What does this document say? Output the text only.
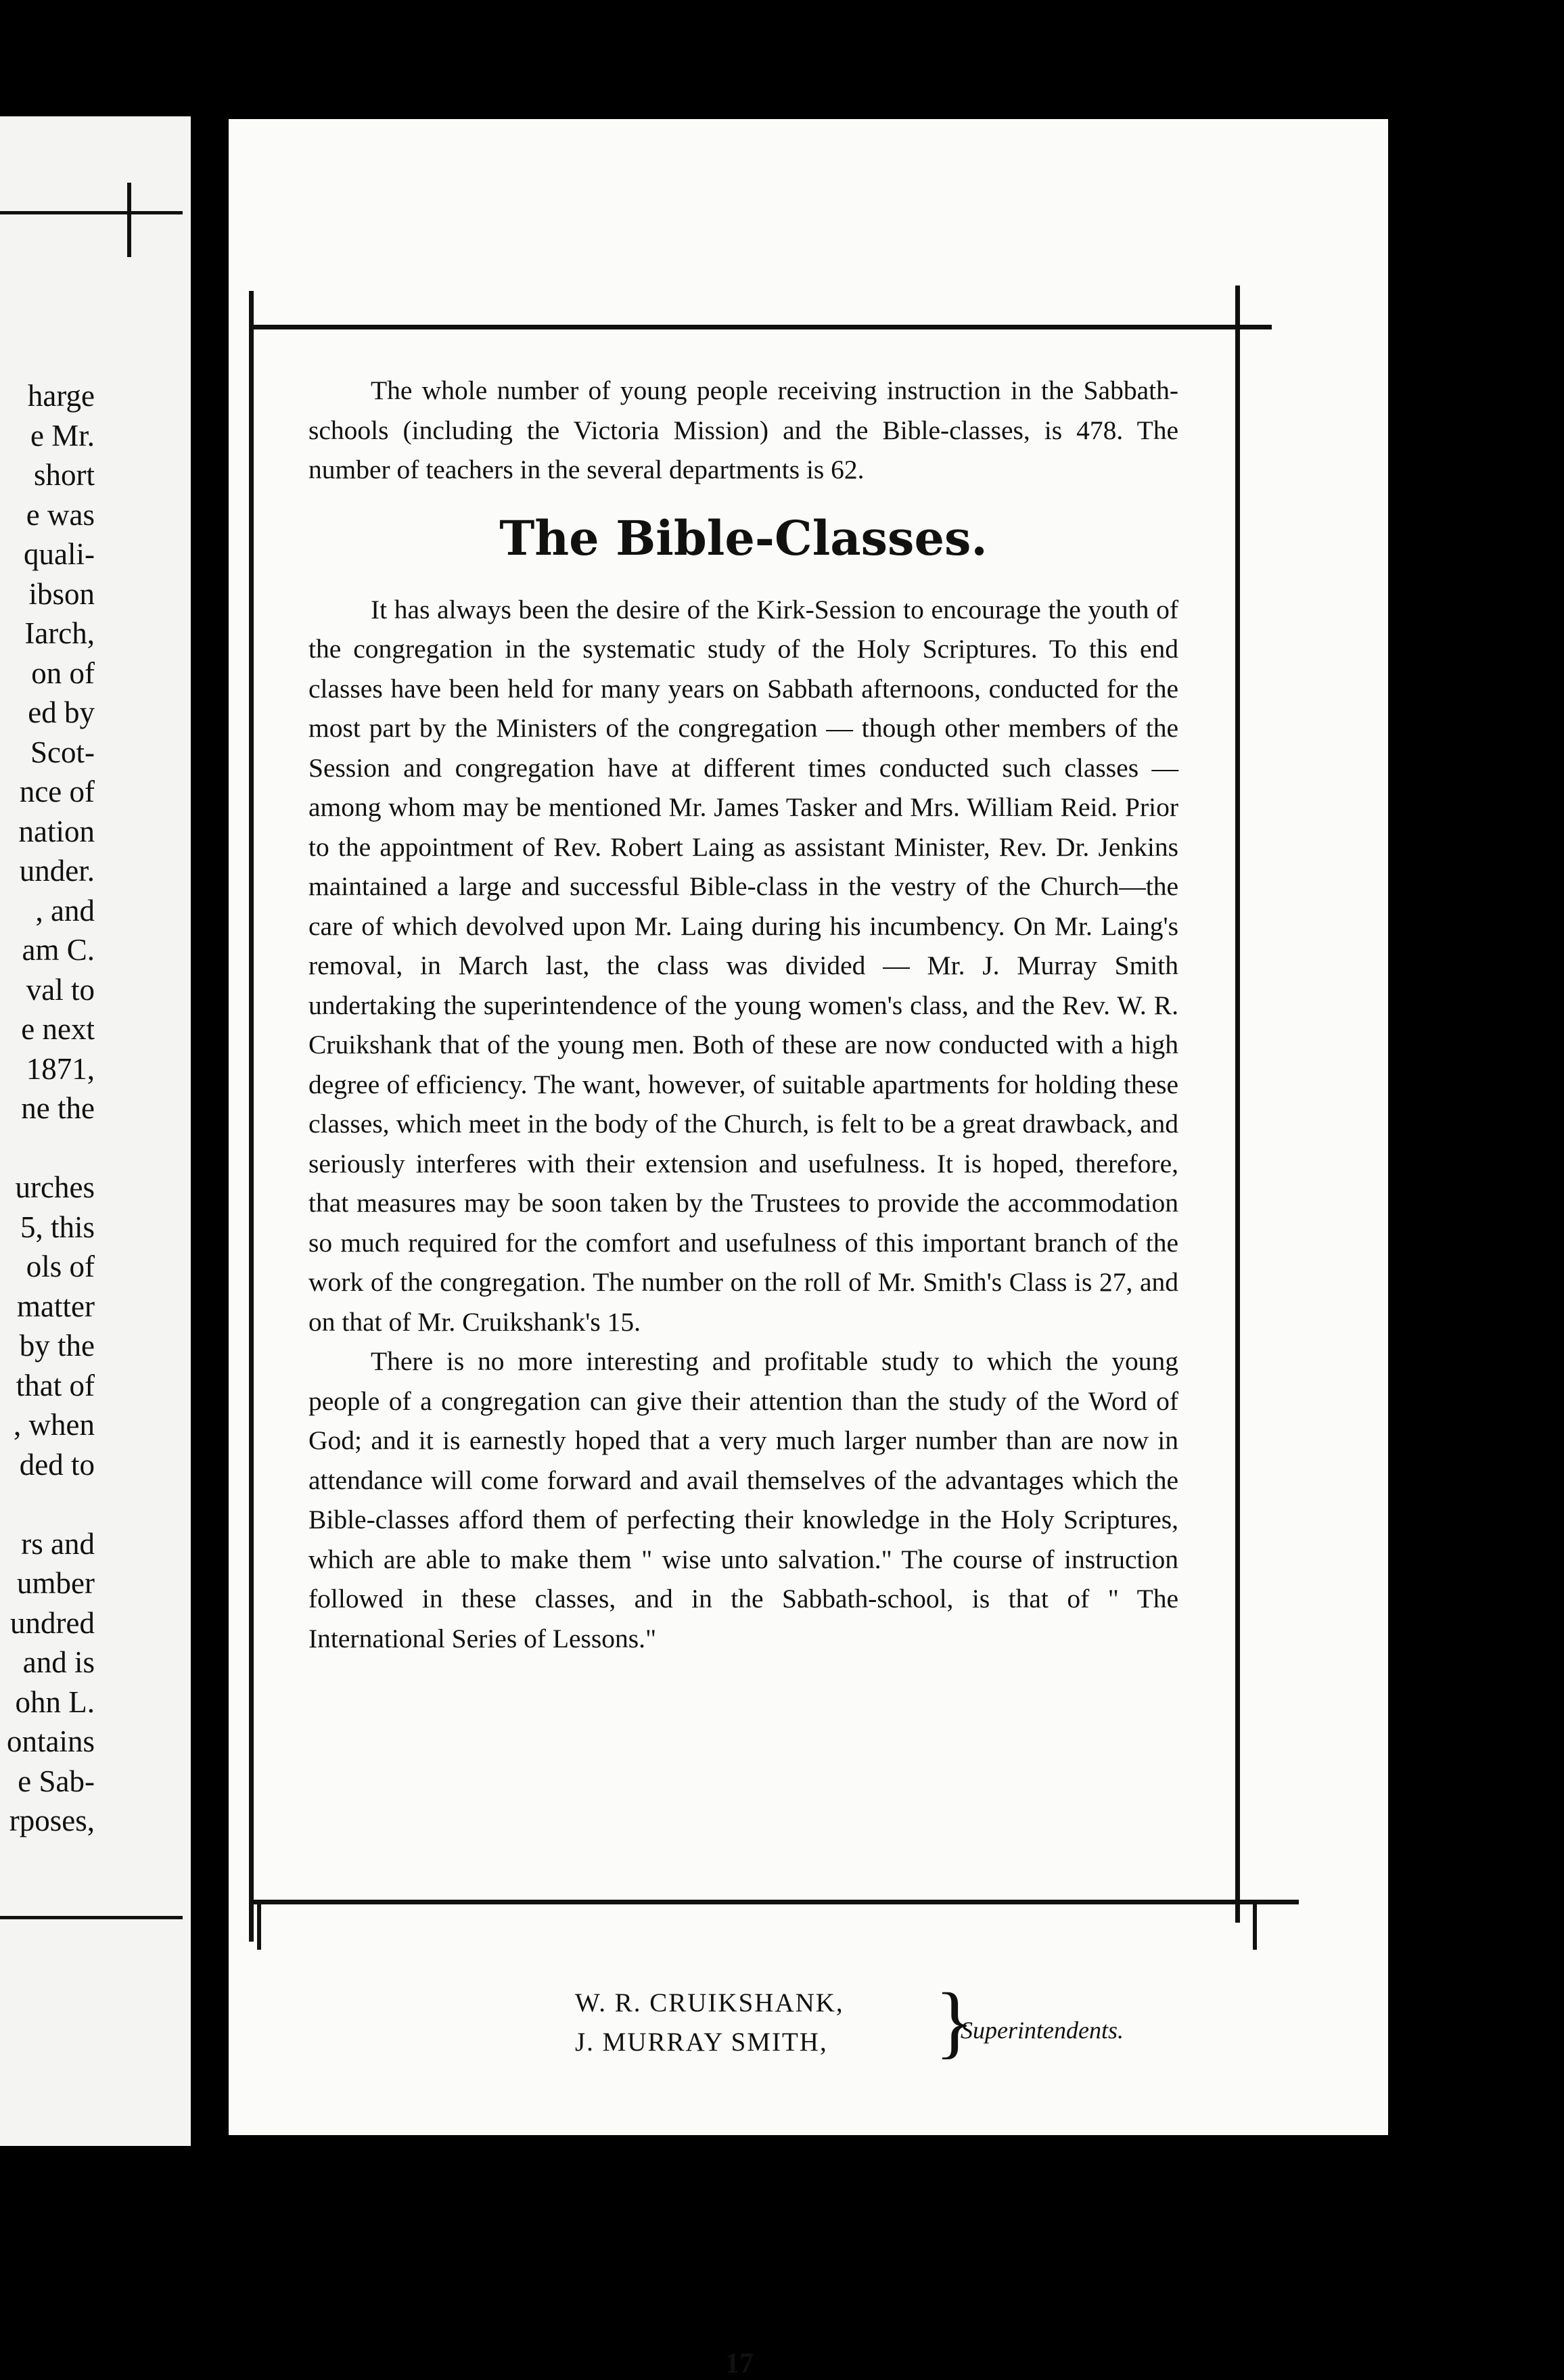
harge
e Mr.
short
e was
quali-
ibson
Iarch,
on of
ed by
Scot-
nce of
nation
under.
, and
am C.
val to
e next
1871,
ne the
urches
5, this
ols of
matter
by the
that of
, when
ded to
rs and
umber
undred
and is
ohn L.
ontains
e Sab-
rposes,

The whole number of young people receiving instruction in the Sabbath-schools (including the Victoria Mission) and the Bible-classes, is 478. The number of teachers in the several departments is 62.

The Bible-Classes.

It has always been the desire of the Kirk-Session to encourage the youth of the congregation in the systematic study of the Holy Scriptures. To this end classes have been held for many years on Sabbath afternoons, conducted for the most part by the Ministers of the congregation — though other members of the Session and congregation have at different times conducted such classes — among whom may be mentioned Mr. James Tasker and Mrs. William Reid. Prior to the appointment of Rev. Robert Laing as assistant Minister, Rev. Dr. Jenkins maintained a large and successful Bible-class in the vestry of the Church—the care of which devolved upon Mr. Laing during his incumbency. On Mr. Laing's removal, in March last, the class was divided — Mr. J. Murray Smith undertaking the superintendence of the young women's class, and the Rev. W. R. Cruikshank that of the young men. Both of these are now conducted with a high degree of efficiency. The want, however, of suitable apartments for holding these classes, which meet in the body of the Church, is felt to be a great drawback, and seriously interferes with their extension and usefulness. It is hoped, therefore, that measures may be soon taken by the Trustees to provide the accommodation so much required for the comfort and usefulness of this important branch of the work of the congregation. The number on the roll of Mr. Smith's Class is 27, and on that of Mr. Cruikshank's 15.

There is no more interesting and profitable study to which the young people of a congregation can give their attention than the study of the Word of God; and it is earnestly hoped that a very much larger number than are now in attendance will come forward and avail themselves of the advantages which the Bible-classes afford them of perfecting their knowledge in the Holy Scriptures, which are able to make them " wise unto salvation." The course of instruction followed in these classes, and in the Sabbath-school, is that of " The International Series of Lessons."

W. R. CRUIKSHANK,
J. MURRAY SMITH, }
Superintendents.
17
